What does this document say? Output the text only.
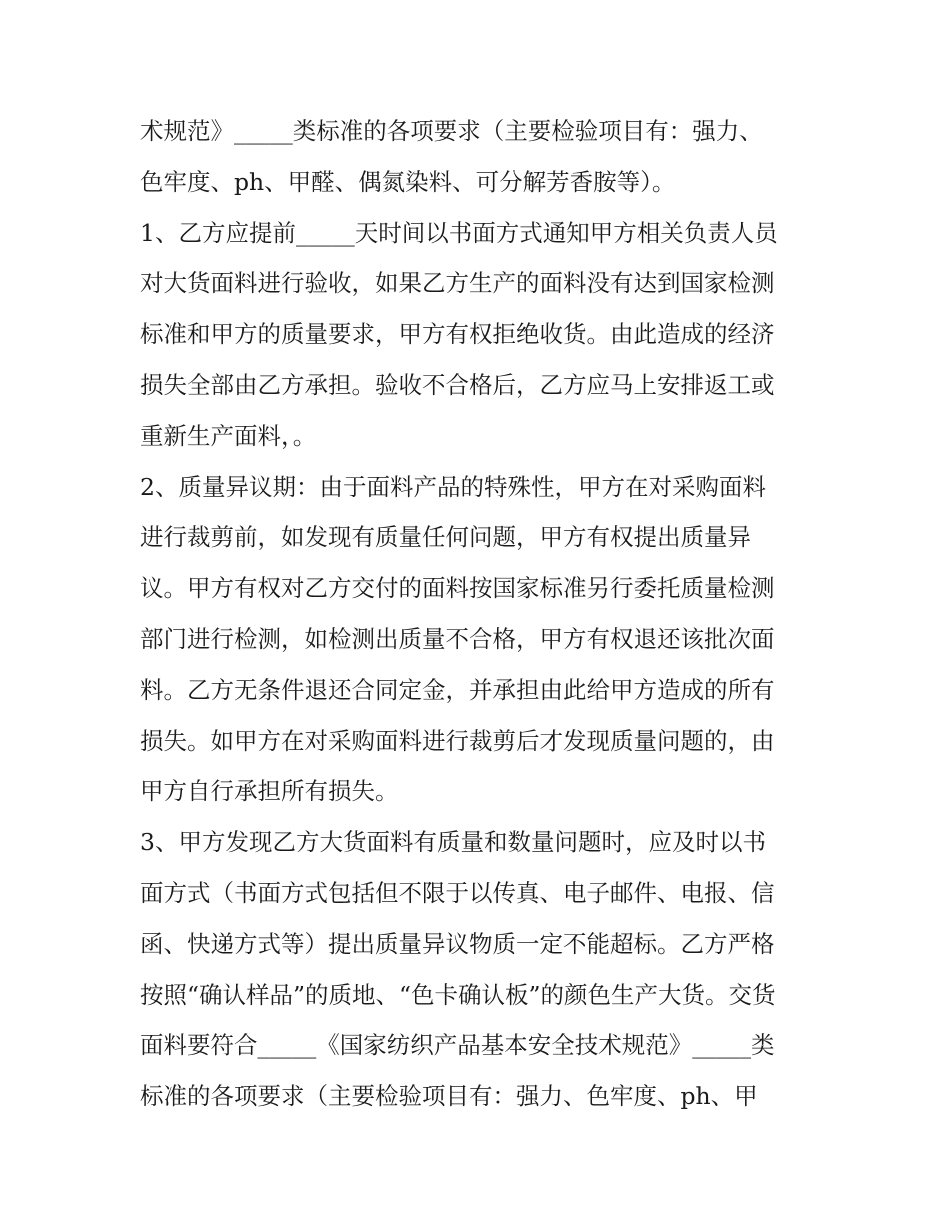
术规范》_____类标准的各项要求（主要检验项目有：强力、
色牢度、ph、甲醛、偶氮染料、可分解芳香胺等）。
1、乙方应提前_____天时间以书面方式通知甲方相关负责人员
对大货面料进行验收，如果乙方生产的面料没有达到国家检测
标准和甲方的质量要求，甲方有权拒绝收货。由此造成的经济
损失全部由乙方承担。验收不合格后，乙方应马上安排返工或
重新生产面料，。
2、质量异议期：由于面料产品的特殊性，甲方在对采购面料
进行裁剪前，如发现有质量任何问题，甲方有权提出质量异
议。甲方有权对乙方交付的面料按国家标准另行委托质量检测
部门进行检测，如检测出质量不合格，甲方有权退还该批次面
料。乙方无条件退还合同定金，并承担由此给甲方造成的所有
损失。如甲方在对采购面料进行裁剪后才发现质量问题的，由
甲方自行承担所有损失。
3、甲方发现乙方大货面料有质量和数量问题时，应及时以书
面方式（书面方式包括但不限于以传真、电子邮件、电报、信
函、快递方式等）提出质量异议物质一定不能超标。乙方严格
按照“确认样品”的质地、“色卡确认板”的颜色生产大货。交货
面料要符合_____《国家纺织产品基本安全技术规范》_____类
标准的各项要求（主要检验项目有：强力、色牢度、ph、甲
